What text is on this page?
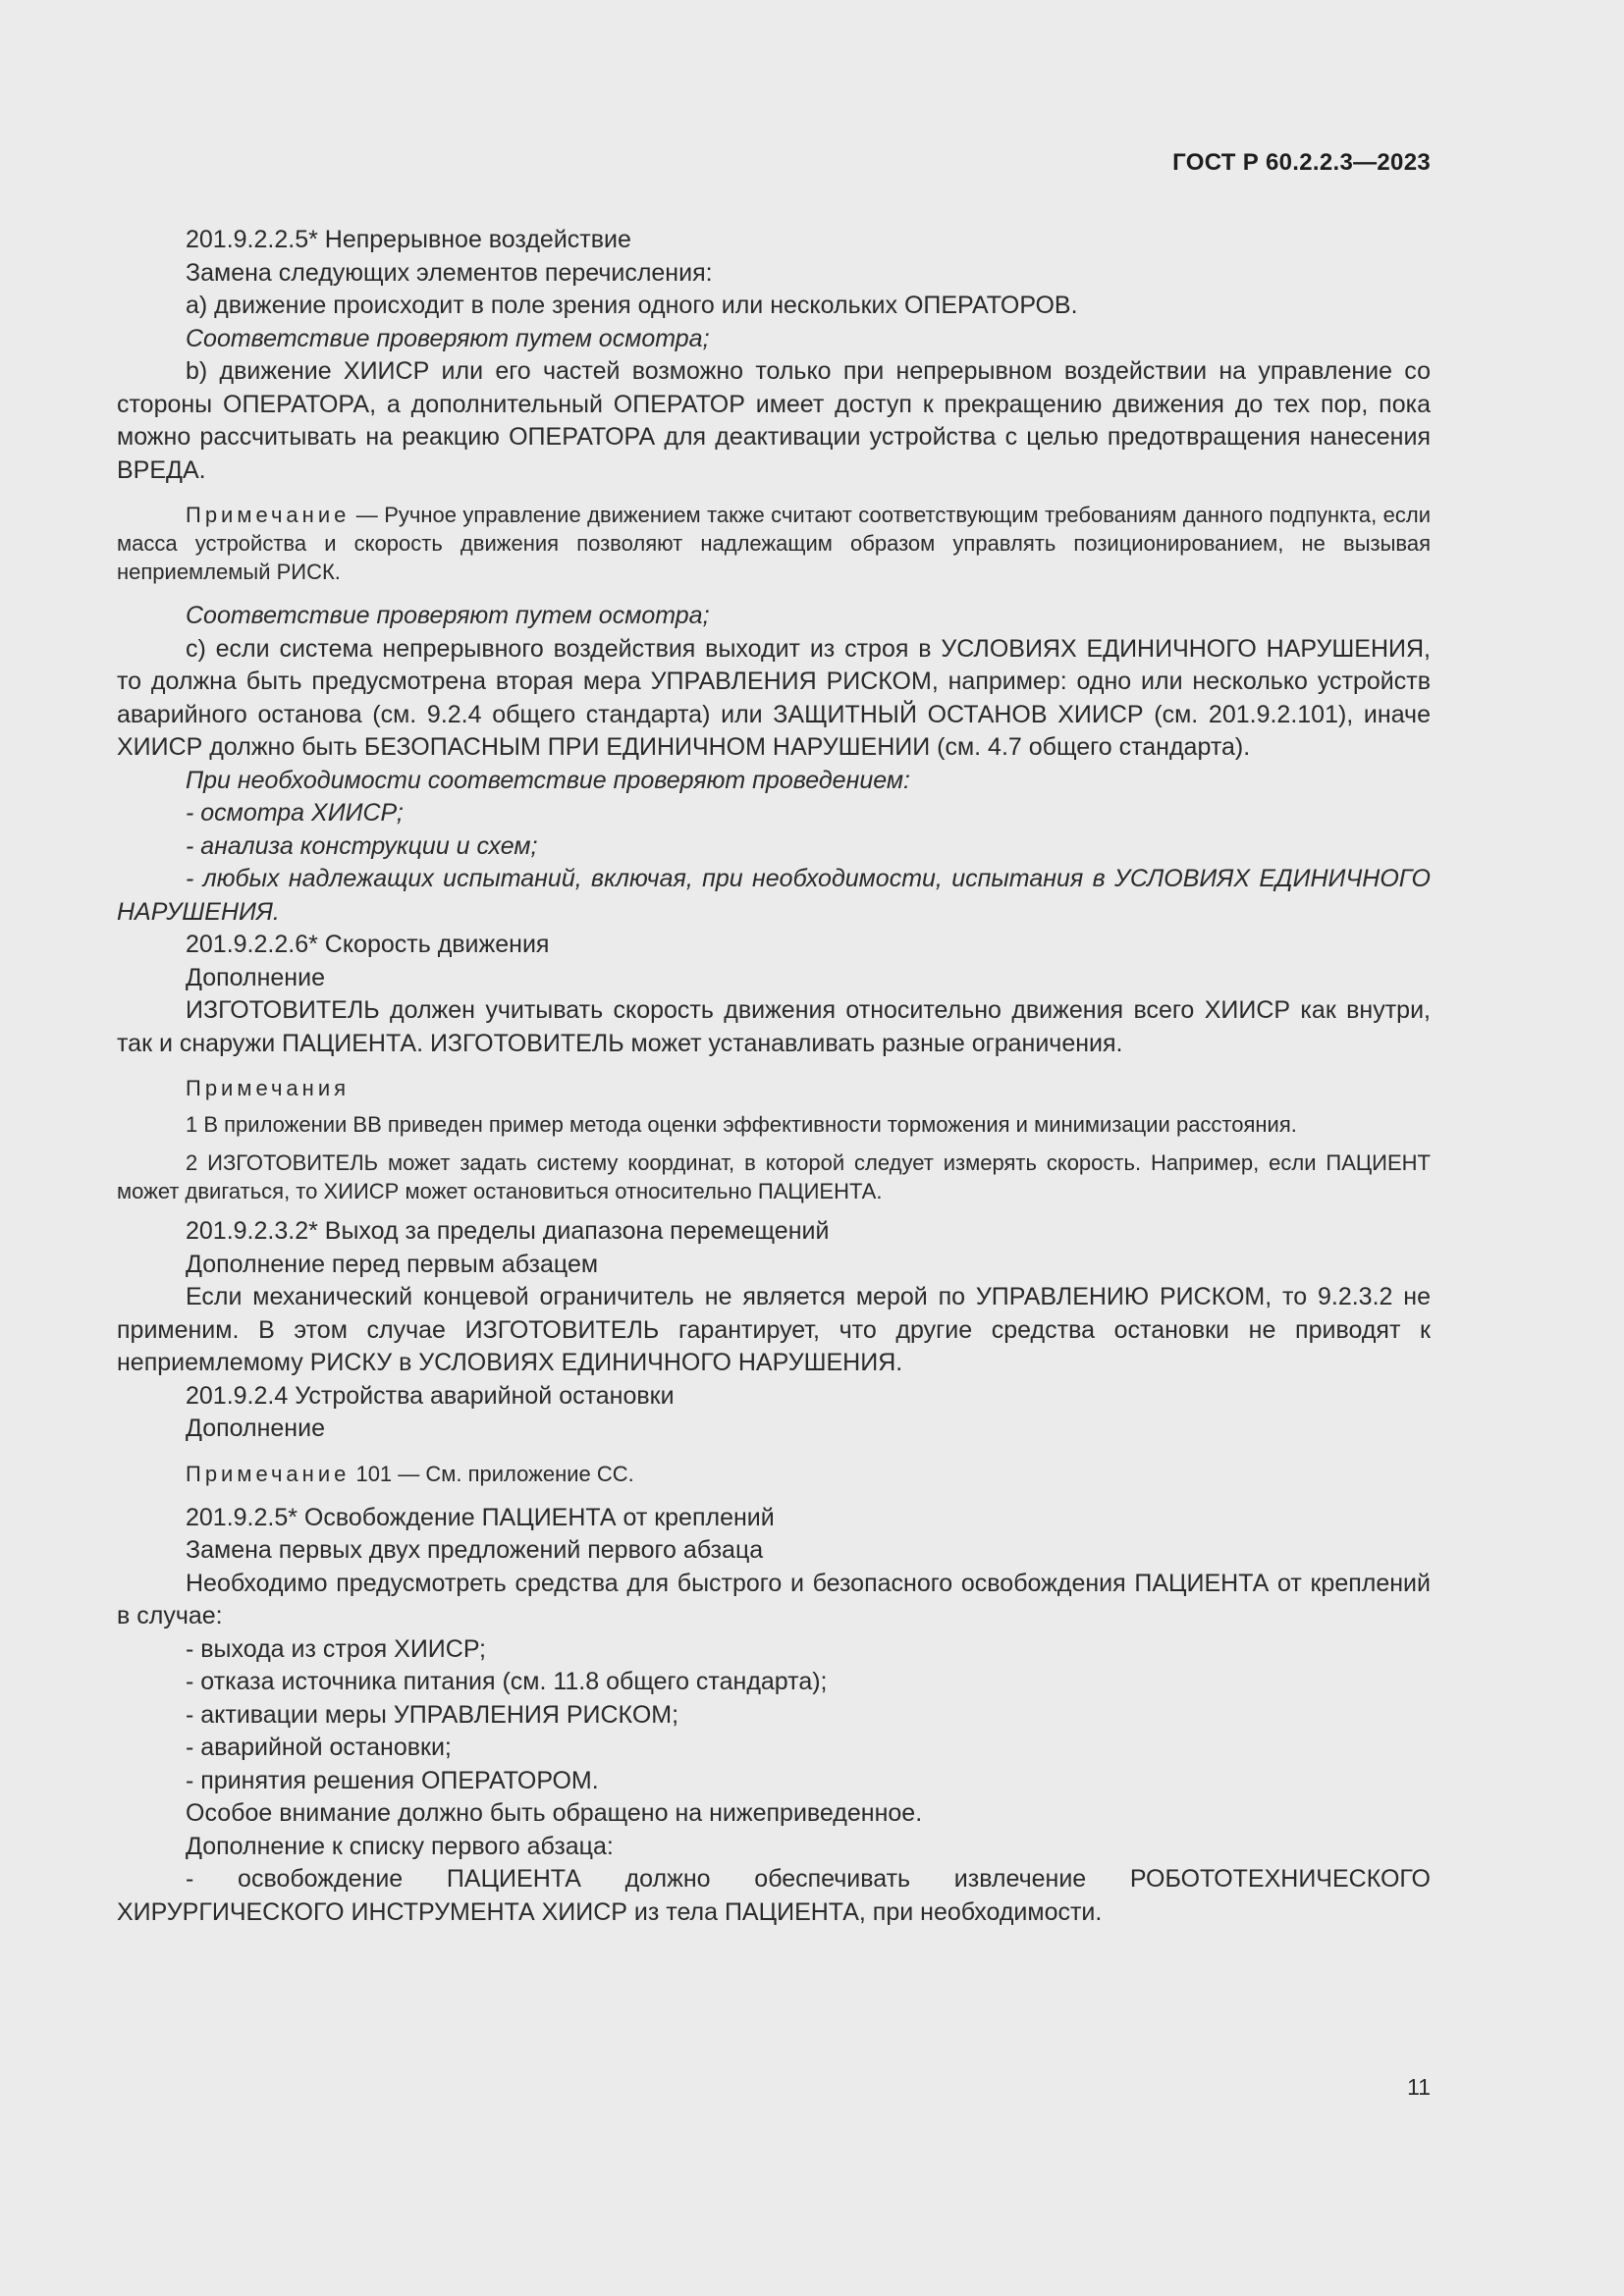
ГОСТ Р 60.2.2.3—2023

201.9.2.2.5* Непрерывное воздействие

Замена следующих элементов перечисления:

а) движение происходит в поле зрения одного или нескольких ОПЕРАТОРОВ.

Соответствие проверяют путем осмотра;

b) движение ХИИСР или его частей возможно только при непрерывном воздействии на управление со стороны ОПЕРАТОРА, а дополнительный ОПЕРАТОР имеет доступ к прекращению движения до тех пор, пока можно рассчитывать на реакцию ОПЕРАТОРА для деактивации устройства с целью предотвращения нанесения ВРЕДА.

Примечание — Ручное управление движением также считают соответствующим требованиям данного подпункта, если масса устройства и скорость движения позволяют надлежащим образом управлять позиционированием, не вызывая неприемлемый РИСК.

Соответствие проверяют путем осмотра;

с) если система непрерывного воздействия выходит из строя в УСЛОВИЯХ ЕДИНИЧНОГО НАРУШЕНИЯ, то должна быть предусмотрена вторая мера УПРАВЛЕНИЯ РИСКОМ, например: одно или несколько устройств аварийного останова (см. 9.2.4 общего стандарта) или ЗАЩИТНЫЙ ОСТАНОВ ХИИСР (см. 201.9.2.101), иначе ХИИСР должно быть БЕЗОПАСНЫМ ПРИ ЕДИНИЧНОМ НАРУШЕНИИ (см. 4.7 общего стандарта).

При необходимости соответствие проверяют проведением:

- осмотра ХИИСР;

- анализа конструкции и схем;

- любых надлежащих испытаний, включая, при необходимости, испытания в УСЛОВИЯХ ЕДИНИЧНОГО НАРУШЕНИЯ.

201.9.2.2.6* Скорость движения

Дополнение

ИЗГОТОВИТЕЛЬ должен учитывать скорость движения относительно движения всего ХИИСР как внутри, так и снаружи ПАЦИЕНТА. ИЗГОТОВИТЕЛЬ может устанавливать разные ограничения.

Примечания

1 В приложении ВВ приведен пример метода оценки эффективности торможения и минимизации расстояния.

2 ИЗГОТОВИТЕЛЬ может задать систему координат, в которой следует измерять скорость. Например, если ПАЦИЕНТ может двигаться, то ХИИСР может остановиться относительно ПАЦИЕНТА.

201.9.2.3.2* Выход за пределы диапазона перемещений

Дополнение перед первым абзацем

Если механический концевой ограничитель не является мерой по УПРАВЛЕНИЮ РИСКОМ, то 9.2.3.2 не применим. В этом случае ИЗГОТОВИТЕЛЬ гарантирует, что другие средства остановки не приводят к неприемлемому РИСКУ в УСЛОВИЯХ ЕДИНИЧНОГО НАРУШЕНИЯ.

201.9.2.4 Устройства аварийной остановки

Дополнение

Примечание 101 — См. приложение СС.

201.9.2.5* Освобождение ПАЦИЕНТА от креплений

Замена первых двух предложений первого абзаца

Необходимо предусмотреть средства для быстрого и безопасного освобождения ПАЦИЕНТА от креплений в случае:

- выхода из строя ХИИСР;

- отказа источника питания (см. 11.8 общего стандарта);

- активации меры УПРАВЛЕНИЯ РИСКОМ;

- аварийной остановки;

- принятия решения ОПЕРАТОРОМ.

Особое внимание должно быть обращено на нижеприведенное.

Дополнение к списку первого абзаца:

- освобождение ПАЦИЕНТА должно обеспечивать извлечение РОБОТОТЕХНИЧЕСКОГО ХИРУРГИЧЕСКОГО ИНСТРУМЕНТА ХИИСР из тела ПАЦИЕНТА, при необходимости.

11
